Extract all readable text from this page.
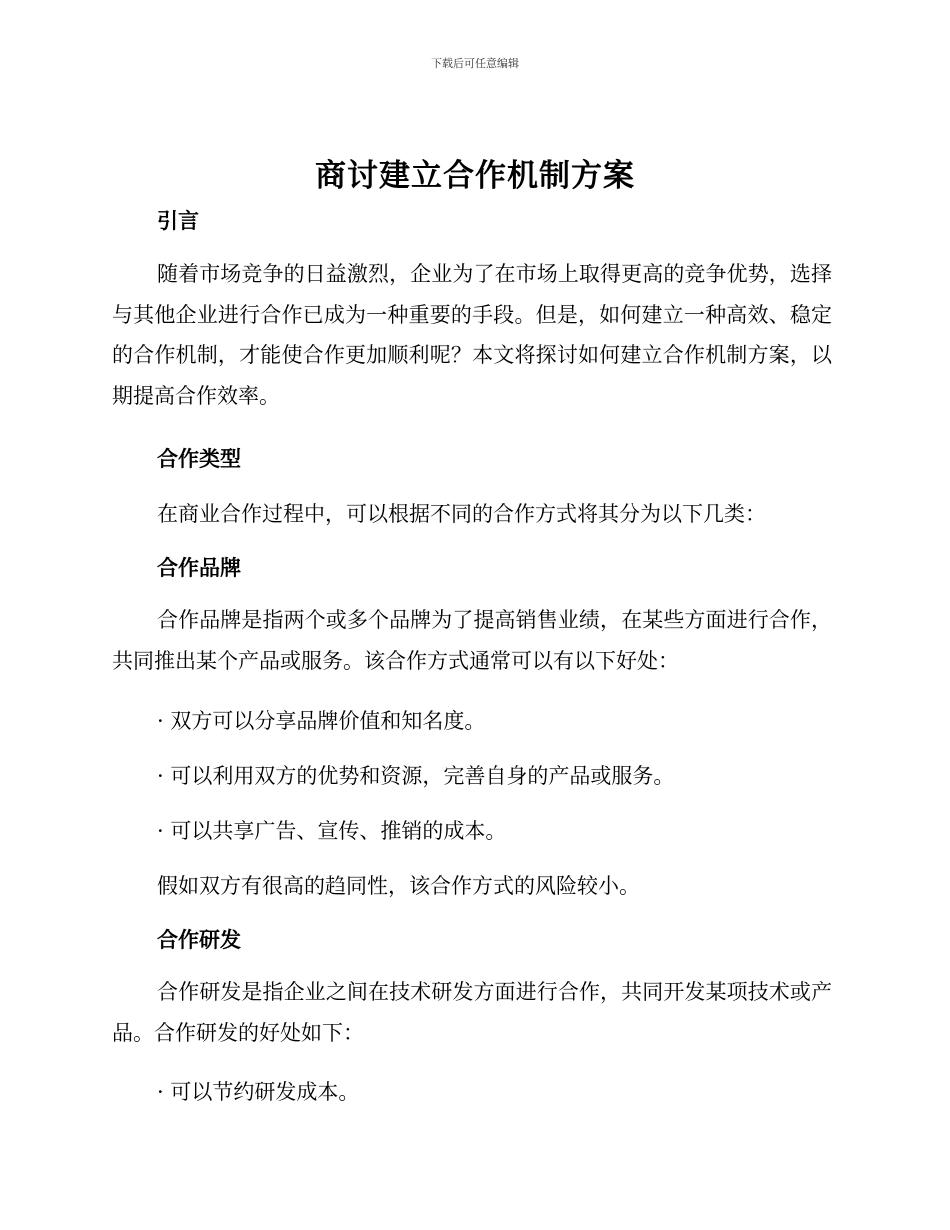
下载后可任意编辑
商讨建立合作机制方案
引言

随着市场竞争的日益激烈，企业为了在市场上取得更高的竞争优势，选择与其他企业进行合作已成为一种重要的手段。但是，如何建立一种高效、稳定的合作机制，才能使合作更加顺利呢？本文将探讨如何建立合作机制方案，以期提高合作效率。

合作类型
在商业合作过程中，可以根据不同的合作方式将其分为以下几类：
合作品牌

合作品牌是指两个或多个品牌为了提高销售业绩，在某些方面进行合作，共同推出某个产品或服务。该合作方式通常可以有以下好处：

· 双方可以分享品牌价值和知名度。
· 可以利用双方的优势和资源，完善自身的产品或服务。
· 可以共享广告、宣传、推销的成本。
假如双方有很高的趋同性，该合作方式的风险较小。
合作研发

合作研发是指企业之间在技术研发方面进行合作，共同开发某项技术或产品。合作研发的好处如下：

· 可以节约研发成本。
